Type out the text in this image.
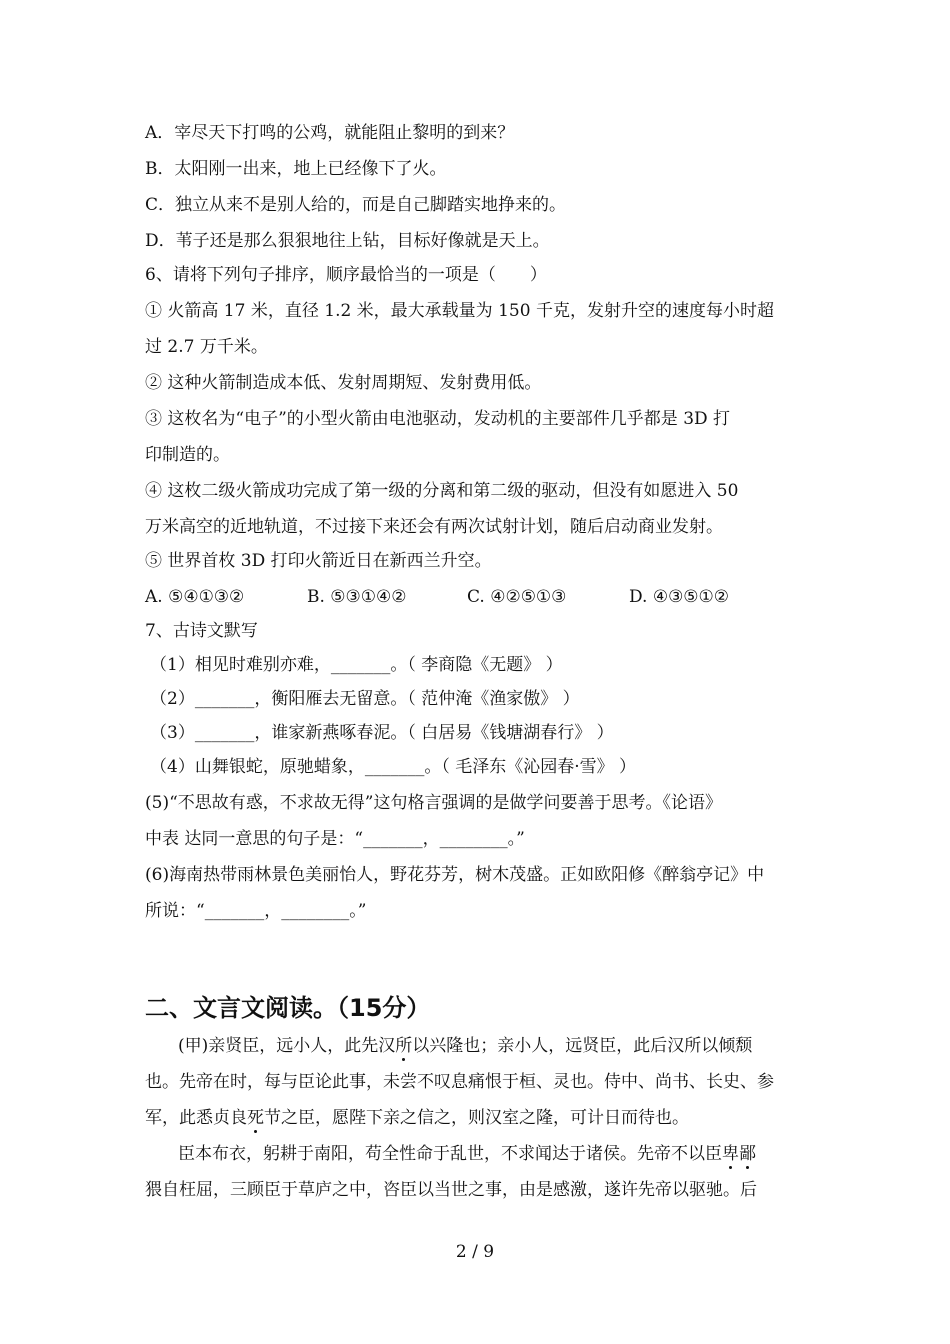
A．宰尽天下打鸣的公鸡，就能阻止黎明的到来？
B．太阳刚一出来，地上已经像下了火。
C．独立从来不是别人给的，而是自己脚踏实地挣来的。
D．苇子还是那么狠狠地往上钻，目标好像就是天上。
6、请将下列句子排序，顺序最恰当的一项是（　　）
① 火箭高 17 米，直径 1.2 米，最大承载量为 150 千克，发射升空的速度每小时超
过 2.7 万千米。
② 这种火箭制造成本低、发射周期短、发射费用低。
③ 这枚名为“电子”的小型火箭由电池驱动，发动机的主要部件几乎都是 3D 打
印制造的。
④ 这枚二级火箭成功完成了第一级的分离和第二级的驱动，但没有如愿进入 50
万米高空的近地轨道，不过接下来还会有两次试射计划，随后启动商业发射。
⑤ 世界首枚 3D 打印火箭近日在新西兰升空。
A. ⑤④①③②	B. ⑤③①④②	C. ④②⑤①③	D. ④③⑤①②
7、古诗文默写
（1）相见时难别亦难，_______。（ 李商隐《无题》 ）
（2）_______，衡阳雁去无留意。（ 范仲淹《渔家傲》 ）
（3）_______，谁家新燕啄春泥。（ 白居易《钱塘湖春行》 ）
（4）山舞银蛇，原驰蜡象，_______。（ 毛泽东《沁园春·雪》 ）
(5)“不思故有惑，不求故无得”这句格言强调的是做学问要善于思考。《论语》
中表 达同一意思的句子是：“_______，________。”
(6)海南热带雨林景色美丽怡人，野花芬芳，树木茂盛。正如欧阳修《醉翁亭记》中
所说：“_______，________。”
二、文言文阅读。（15分）
(甲)亲贤臣，远小人，此先汉所以兴隆也；亲小人，远贤臣，此后汉所以倾颓
也。先帝在时，每与臣论此事，未尝不叹息痛恨于桓、灵也。侍中、尚书、长史、参
军，此悉贞良死节之臣，愿陛下亲之信之，则汉室之隆，可计日而待也。
臣本布衣，躬耕于南阳，苟全性命于乱世，不求闻达于诸侯。先帝不以臣卑鄙
猥自枉屈，三顾臣于草庐之中，咨臣以当世之事，由是感激，遂许先帝以驱驰。后
2 / 9
